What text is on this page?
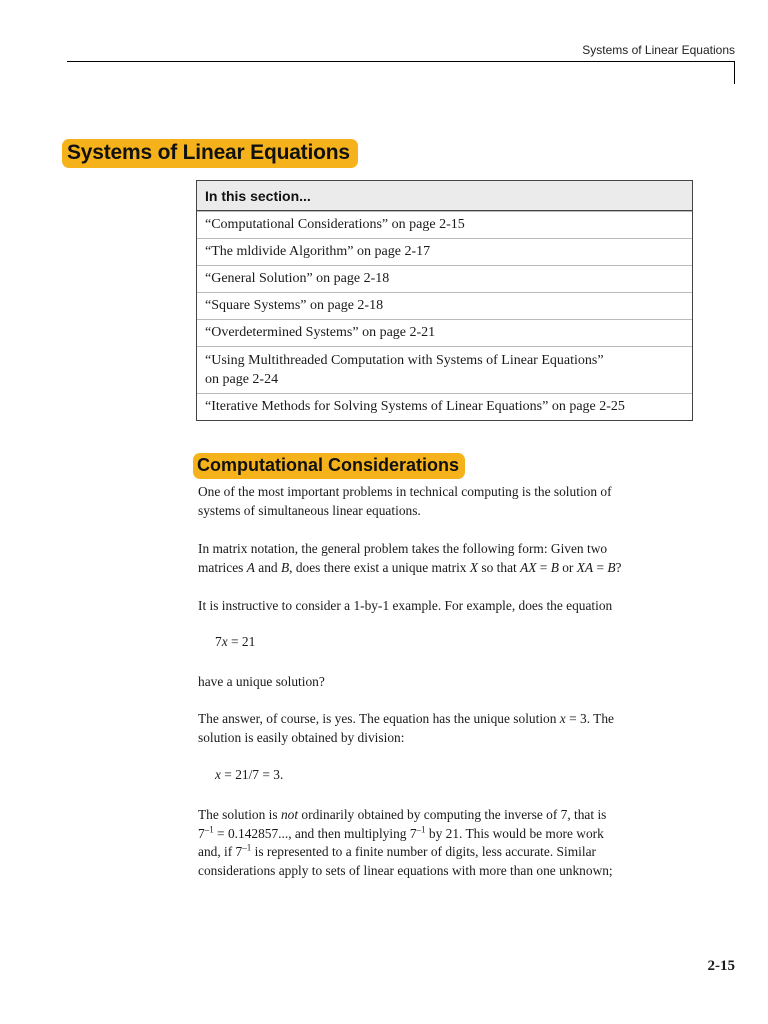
Systems of Linear Equations
Systems of Linear Equations
In this section...
“Computational Considerations” on page 2-15
“The mldivide Algorithm” on page 2-17
“General Solution” on page 2-18
“Square Systems” on page 2-18
“Overdetermined Systems” on page 2-21
“Using Multithreaded Computation with Systems of Linear Equations”
on page 2-24
“Iterative Methods for Solving Systems of Linear Equations” on page 2-25
Computational Considerations

One of the most important problems in technical computing is the solution of
systems of simultaneous linear equations.

In matrix notation, the general problem takes the following form: Given two
matrices A and B, does there exist a unique matrix X so that AX = B or XA = B?

It is instructive to consider a 1-by-1 example. For example, does the equation

7x = 21

have a unique solution?

The answer, of course, is yes. The equation has the unique solution x = 3. The
solution is easily obtained by division:

x = 21/7 = 3.

The solution is not ordinarily obtained by computing the inverse of 7, that is
$7^{-1} = 0.142857$..., and then multiplying $7^{-1}$ by 21. This would be more work
and, if $7^{-1}$ is represented to a finite number of digits, less accurate. Similar
considerations apply to sets of linear equations with more than one unknown;

2-15
